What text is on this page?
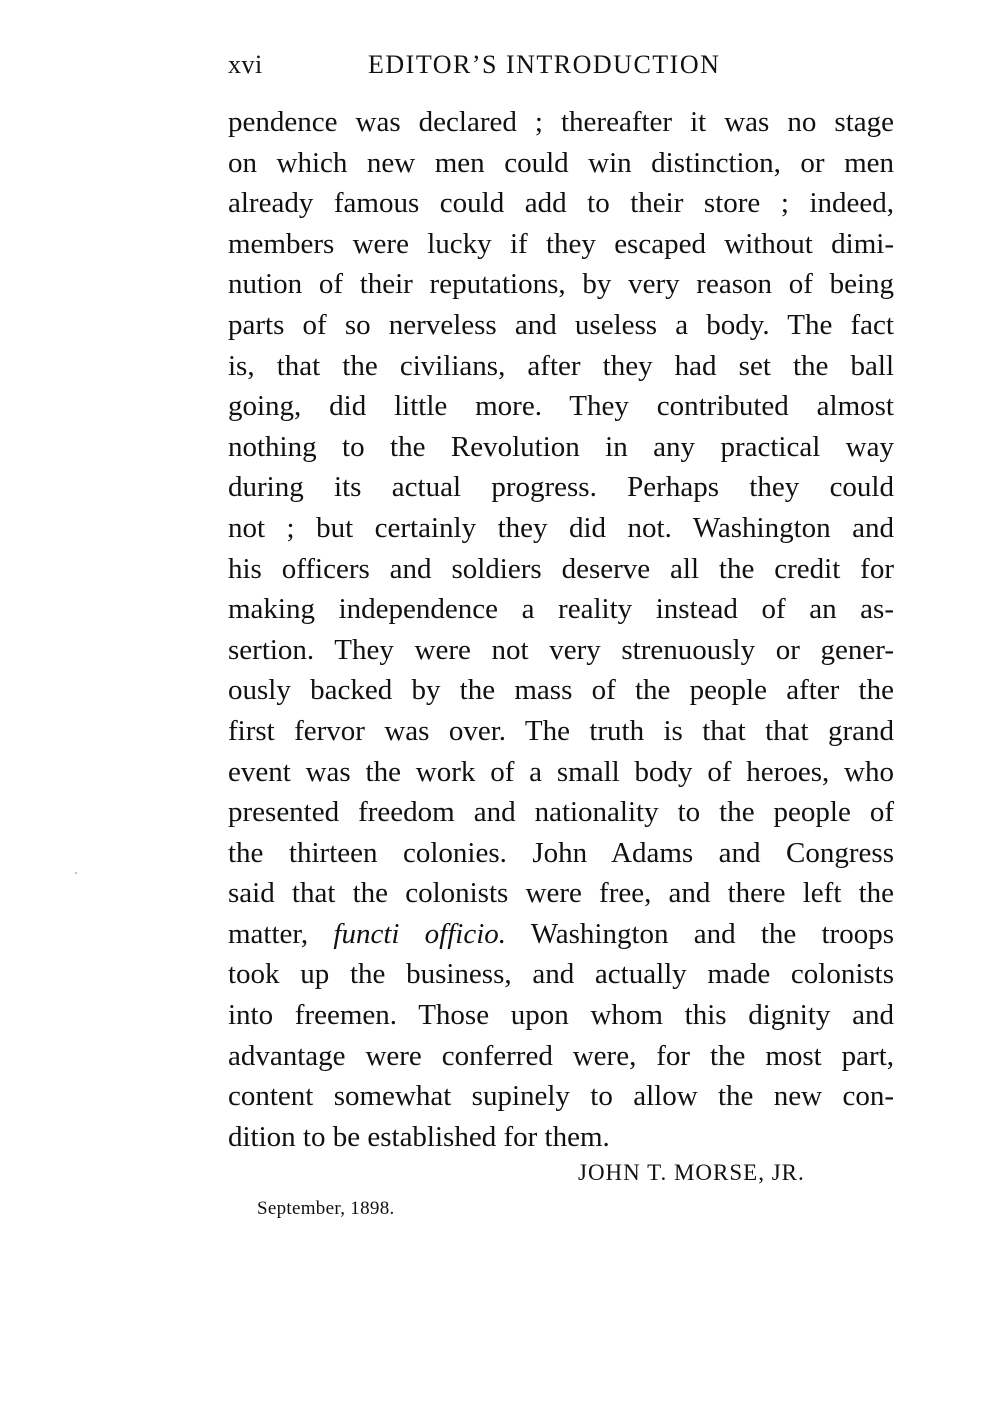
xvi	EDITOR’S INTRODUCTION
pendence was declared ; thereafter it was no stage
on which new men could win distinction, or men
already famous could add to their store ; indeed,
members were lucky if they escaped without dimi-
nution of their reputations, by very reason of being
parts of so nerveless and useless a body. The fact
is, that the civilians, after they had set the ball
going, did little more. They contributed almost
nothing to the Revolution in any practical way
during its actual progress. Perhaps they could
not ; but certainly they did not. Washington and
his officers and soldiers deserve all the credit for
making independence a reality instead of an as-
sertion. They were not very strenuously or gener-
ously backed by the mass of the people after the
first fervor was over. The truth is that that grand
event was the work of a small body of heroes, who
presented freedom and nationality to the people of
the thirteen colonies. John Adams and Congress
said that the colonists were free, and there left the
matter, functi officio. Washington and the troops
took up the business, and actually made colonists
into freemen. Those upon whom this dignity and
advantage were conferred were, for the most part,
content somewhat supinely to allow the new con-
dition to be established for them.
JOHN T. MORSE, JR.
September, 1898.
